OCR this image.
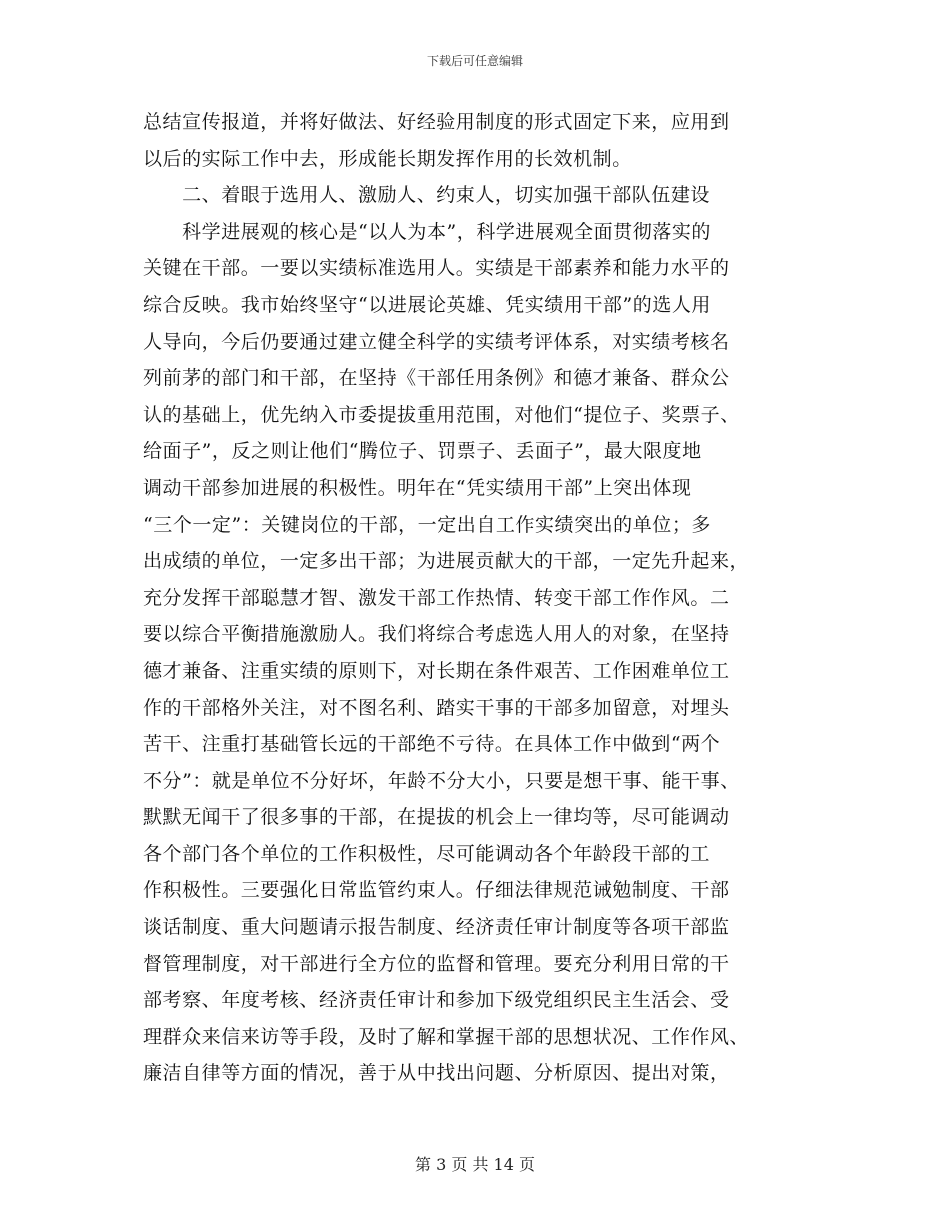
下载后可任意编辑
总结宣传报道，并将好做法、好经验用制度的形式固定下来，应用到
以后的实际工作中去，形成能长期发挥作用的长效机制。
　　二、着眼于选用人、激励人、约束人，切实加强干部队伍建设
　　科学进展观的核心是“以人为本”，科学进展观全面贯彻落实的
关键在干部。一要以实绩标准选用人。实绩是干部素养和能力水平的
综合反映。我市始终坚守“以进展论英雄、凭实绩用干部”的选人用
人导向，今后仍要通过建立健全科学的实绩考评体系，对实绩考核名
列前茅的部门和干部，在坚持《干部任用条例》和德才兼备、群众公
认的基础上，优先纳入市委提拔重用范围，对他们“提位子、奖票子、
给面子”，反之则让他们“腾位子、罚票子、丢面子”，最大限度地
调动干部参加进展的积极性。明年在“凭实绩用干部”上突出体现
“三个一定”：关键岗位的干部，一定出自工作实绩突出的单位；多
出成绩的单位，一定多出干部；为进展贡献大的干部，一定先升起来，
充分发挥干部聪慧才智、激发干部工作热情、转变干部工作作风。二
要以综合平衡措施激励人。我们将综合考虑选人用人的对象，在坚持
德才兼备、注重实绩的原则下，对长期在条件艰苦、工作困难单位工
作的干部格外关注，对不图名利、踏实干事的干部多加留意，对埋头
苦干、注重打基础管长远的干部绝不亏待。在具体工作中做到“两个
不分”：就是单位不分好坏，年龄不分大小，只要是想干事、能干事、
默默无闻干了很多事的干部，在提拔的机会上一律均等，尽可能调动
各个部门各个单位的工作积极性，尽可能调动各个年龄段干部的工
作积极性。三要强化日常监管约束人。仔细法律规范诫勉制度、干部
谈话制度、重大问题请示报告制度、经济责任审计制度等各项干部监
督管理制度，对干部进行全方位的监督和管理。要充分利用日常的干
部考察、年度考核、经济责任审计和参加下级党组织民主生活会、受
理群众来信来访等手段，及时了解和掌握干部的思想状况、工作作风、
廉洁自律等方面的情况，善于从中找出问题、分析原因、提出对策，
第 3 页 共 14 页
